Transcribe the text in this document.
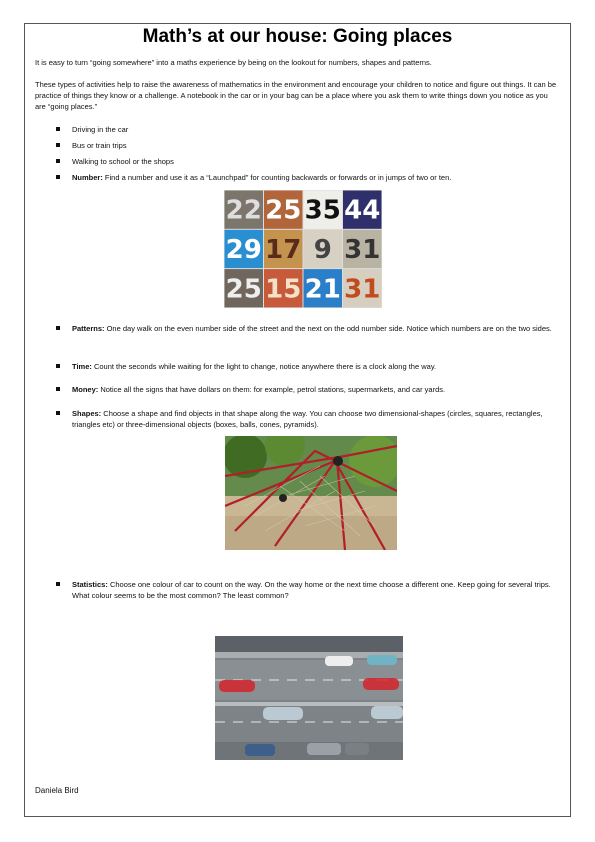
Math’s at our house: Going places
It is easy to turn “going somewhere” into a maths experience by being on the lookout for numbers, shapes and patterns.
These types of activities help to raise the awareness of mathematics in the environment and encourage your children to notice and figure out things. It can be practice of things they know or a challenge. A notebook in the car or in your bag can be a place where you ask them to write things down you notice as you are “going places.”
Driving in the car
Bus or train trips
Walking to school or the shops
Number: Find a number and use it as a “Launchpad” for counting backwards or forwards or in jumps of two or ten.
22 25 35 44
29 17 9 31
25 15 21 31
Patterns: One day walk on the even number side of the street and the next on the odd number side. Notice which numbers are on the two sides.
Time: Count the seconds while waiting for the light to change, notice anywhere there is a clock along the way.
Money: Notice all the signs that have dollars on them: for example, petrol stations, supermarkets, and car yards.
Shapes: Choose a shape and find objects in that shape along the way. You can choose two dimensional-shapes (circles, squares, rectangles, triangles etc) or three-dimensional objects (boxes, balls, cones, pyramids).
Statistics: Choose one colour of car to count on the way. On the way home or the next time choose a different one. Keep going for several trips. What colour seems to be the most common? The least common?
Daniela Bird
